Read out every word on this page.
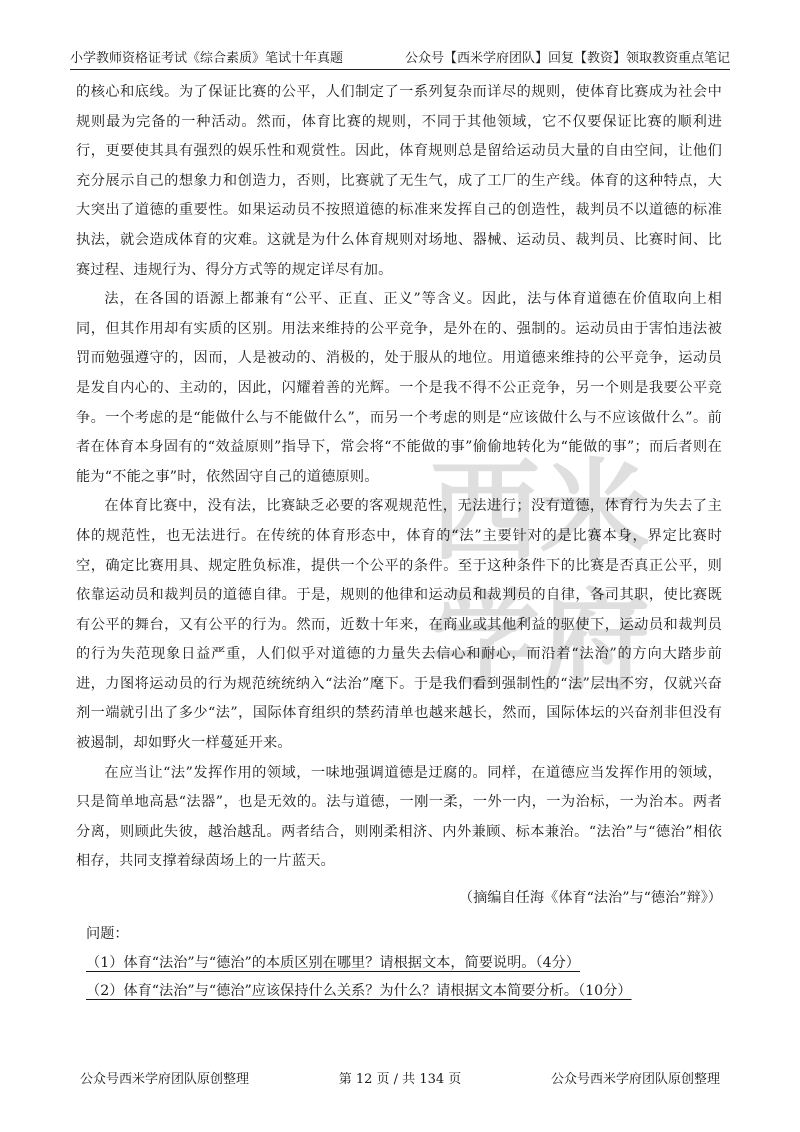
小学教师资格证考试《综合素质》笔试十年真题	公众号【西米学府团队】回复【教资】领取教资重点笔记
西 米
学 府

的核心和底线。为了保证比赛的公平，人们制定了一系列复杂而详尽的规则，使体育比赛成为社会中规则最为完备的一种活动。然而，体育比赛的规则，不同于其他领域，它不仅要保证比赛的顺利进行，更要使其具有强烈的娱乐性和观赏性。因此，体育规则总是留给运动员大量的自由空间，让他们充分展示自己的想象力和创造力，否则，比赛就了无生气，成了工厂的生产线。体育的这种特点，大大突出了道德的重要性。如果运动员不按照道德的标准来发挥自己的创造性，裁判员不以道德的标准执法，就会造成体育的灾难。这就是为什么体育规则对场地、器械、运动员、裁判员、比赛时间、比赛过程、违规行为、得分方式等的规定详尽有加。

法，在各国的语源上都兼有“公平、正直、正义”等含义。因此，法与体育道德在价值取向上相同，但其作用却有实质的区别。用法来维持的公平竞争，是外在的、强制的。运动员由于害怕违法被罚而勉强遵守的，因而，人是被动的、消极的，处于服从的地位。用道德来维持的公平竞争，运动员是发自内心的、主动的，因此，闪耀着善的光辉。一个是我不得不公正竞争，另一个则是我要公平竞争。一个考虑的是“能做什么与不能做什么”，而另一个考虑的则是“应该做什么与不应该做什么”。前者在体育本身固有的“效益原则”指导下，常会将“不能做的事”偷偷地转化为“能做的事”；而后者则在能为“不能之事”时，依然固守自己的道德原则。

在体育比赛中，没有法，比赛缺乏必要的客观规范性，无法进行；没有道德，体育行为失去了主体的规范性，也无法进行。在传统的体育形态中，体育的“法”主要针对的是比赛本身，界定比赛时空，确定比赛用具、规定胜负标准，提供一个公平的条件。至于这种条件下的比赛是否真正公平，则依靠运动员和裁判员的道德自律。于是，规则的他律和运动员和裁判员的自律，各司其职，使比赛既有公平的舞台，又有公平的行为。然而，近数十年来，在商业或其他利益的驱使下，运动员和裁判员的行为失范现象日益严重，人们似乎对道德的力量失去信心和耐心，而沿着“法治”的方向大踏步前进，力图将运动员的行为规范统统纳入“法治”麾下。于是我们看到强制性的“法”层出不穷，仅就兴奋剂一端就引出了多少“法”，国际体育组织的禁药清单也越来越长，然而，国际体坛的兴奋剂非但没有被遏制，却如野火一样蔓延开来。

在应当让“法”发挥作用的领域，一味地强调道德是迂腐的。同样，在道德应当发挥作用的领域，只是简单地高悬“法器”，也是无效的。法与道德，一刚一柔，一外一内，一为治标，一为治本。两者分离，则顾此失彼，越治越乱。两者结合，则刚柔相济、内外兼顾、标本兼治。“法治”与“德治”相依相存，共同支撑着绿茵场上的一片蓝天。

（摘编自任海《体育“法治”与“德治”辩》）
问题：
（1）体育“法治”与“德治”的本质区别在哪里？请根据文本，简要说明。（4分）
（2）体育“法治”与“德治”应该保持什么关系？为什么？请根据文本简要分析。（10分）
公众号西米学府团队原创整理	第 12 页 / 共 134 页	公众号西米学府团队原创整理
